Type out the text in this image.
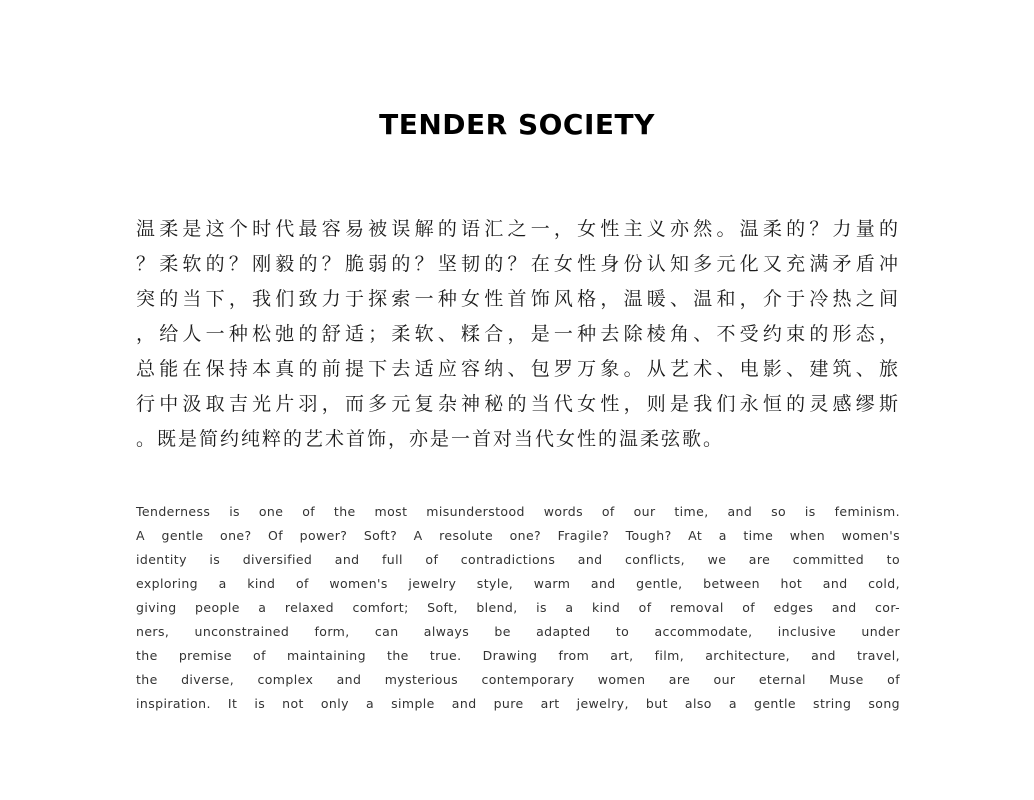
TENDER SOCIETY
温柔是这个时代最容易被误解的语汇之一，女性主义亦然。温柔的？力量的
？柔软的？刚毅的？脆弱的？坚韧的？在女性身份认知多元化又充满矛盾冲
突的当下，我们致力于探索一种女性首饰风格，温暖、温和，介于冷热之间
，给人一种松弛的舒适；柔软、糅合，是一种去除棱角、不受约束的形态，
总能在保持本真的前提下去适应容纳、包罗万象。从艺术、电影、建筑、旅
行中汲取吉光片羽，而多元复杂神秘的当代女性，则是我们永恒的灵感缪斯
。既是简约纯粹的艺术首饰，亦是一首对当代女性的温柔弦歌。
Tenderness is one of the most misunderstood words of our time, and so is feminism.
A gentle one? Of power? Soft? A resolute one? Fragile? Tough? At a time when women's
identity is diversified and full of contradictions and conflicts, we are committed to
exploring a kind of women's jewelry style, warm and gentle, between hot and cold,
giving people a relaxed comfort; Soft, blend, is a kind of removal of edges and cor-
ners, unconstrained form, can always be adapted to accommodate, inclusive under
the premise of maintaining the true. Drawing from art, film, architecture, and travel,
the diverse, complex and mysterious contemporary women are our eternal Muse of
inspiration. It is not only a simple and pure art jewelry, but also a gentle string song
